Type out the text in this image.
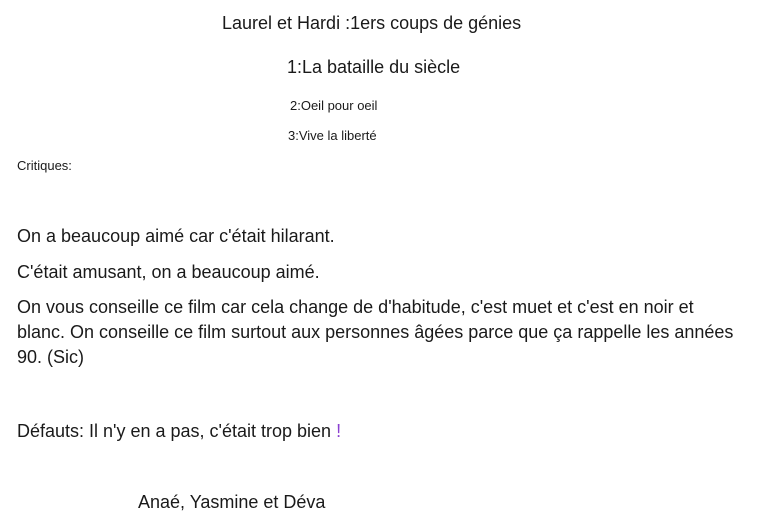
Laurel et Hardi :1ers coups de génies

1:La bataille du siècle

2:Oeil pour oeil

3:Vive la liberté

Critiques:

On a beaucoup aimé car c'était hilarant.

C'était amusant, on a beaucoup aimé.

On vous conseille ce film car cela change de d'habitude, c'est muet et c'est en noir et blanc. On conseille ce film surtout aux personnes âgées parce que ça rappelle les années 90. (Sic)

Défauts: Il n'y en a pas, c'était trop bien !

Anaé, Yasmine et Déva
